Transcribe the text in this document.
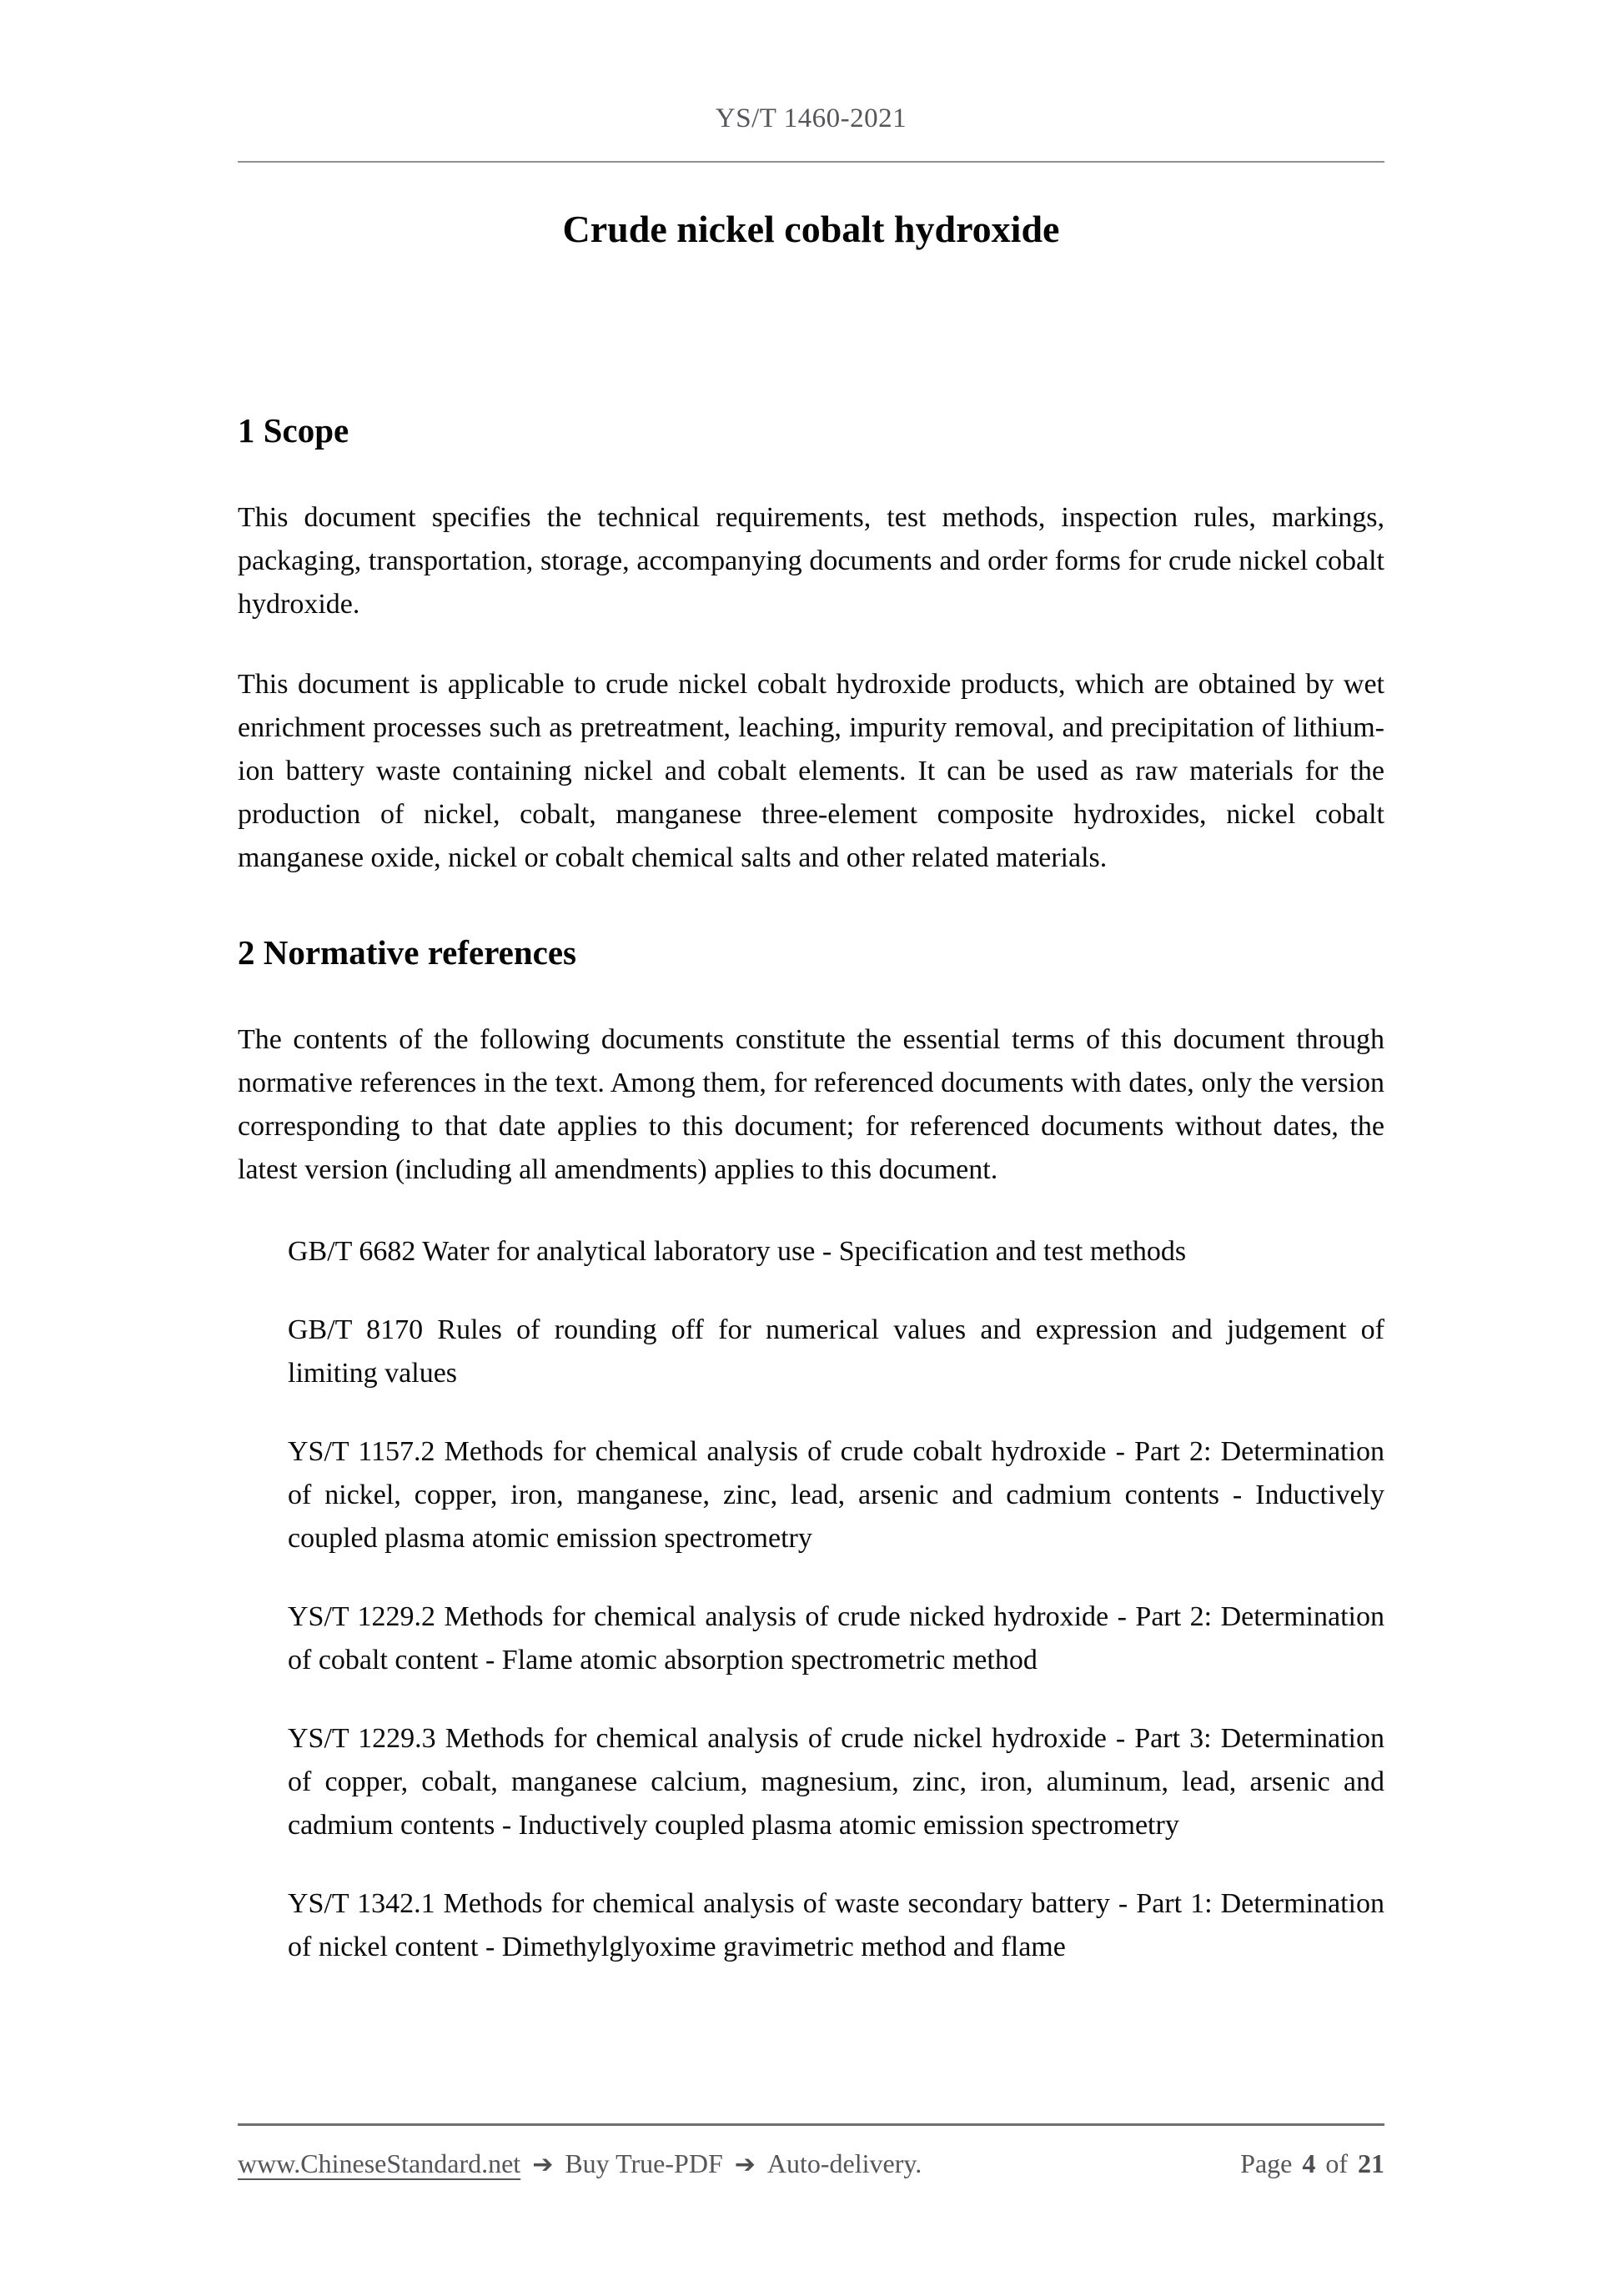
YS/T 1460-2021
Crude nickel cobalt hydroxide
1 Scope

This document specifies the technical requirements, test methods, inspection rules, markings, packaging, transportation, storage, accompanying documents and order forms for crude nickel cobalt hydroxide.

This document is applicable to crude nickel cobalt hydroxide products, which are obtained by wet enrichment processes such as pretreatment, leaching, impurity removal, and precipitation of lithium-ion battery waste containing nickel and cobalt elements. It can be used as raw materials for the production of nickel, cobalt, manganese three-element composite hydroxides, nickel cobalt manganese oxide, nickel or cobalt chemical salts and other related materials.

2 Normative references

The contents of the following documents constitute the essential terms of this document through normative references in the text. Among them, for referenced documents with dates, only the version corresponding to that date applies to this document; for referenced documents without dates, the latest version (including all amendments) applies to this document.

GB/T 6682 Water for analytical laboratory use - Specification and test methods

GB/T 8170 Rules of rounding off for numerical values and expression and judgement of limiting values

YS/T 1157.2 Methods for chemical analysis of crude cobalt hydroxide - Part 2: Determination of nickel, copper, iron, manganese, zinc, lead, arsenic and cadmium contents - Inductively coupled plasma atomic emission spectrometry

YS/T 1229.2 Methods for chemical analysis of crude nicked hydroxide - Part 2: Determination of cobalt content - Flame atomic absorption spectrometric method

YS/T 1229.3 Methods for chemical analysis of crude nickel hydroxide - Part 3: Determination of copper, cobalt, manganese calcium, magnesium, zinc, iron, aluminum, lead, arsenic and cadmium contents - Inductively coupled plasma atomic emission spectrometry

YS/T 1342.1 Methods for chemical analysis of waste secondary battery - Part 1: Determination of nickel content - Dimethylglyoxime gravimetric method and flame

www.ChineseStandard.net ➔ Buy True-PDF ➔ Auto-delivery.	Page 4 of 21
